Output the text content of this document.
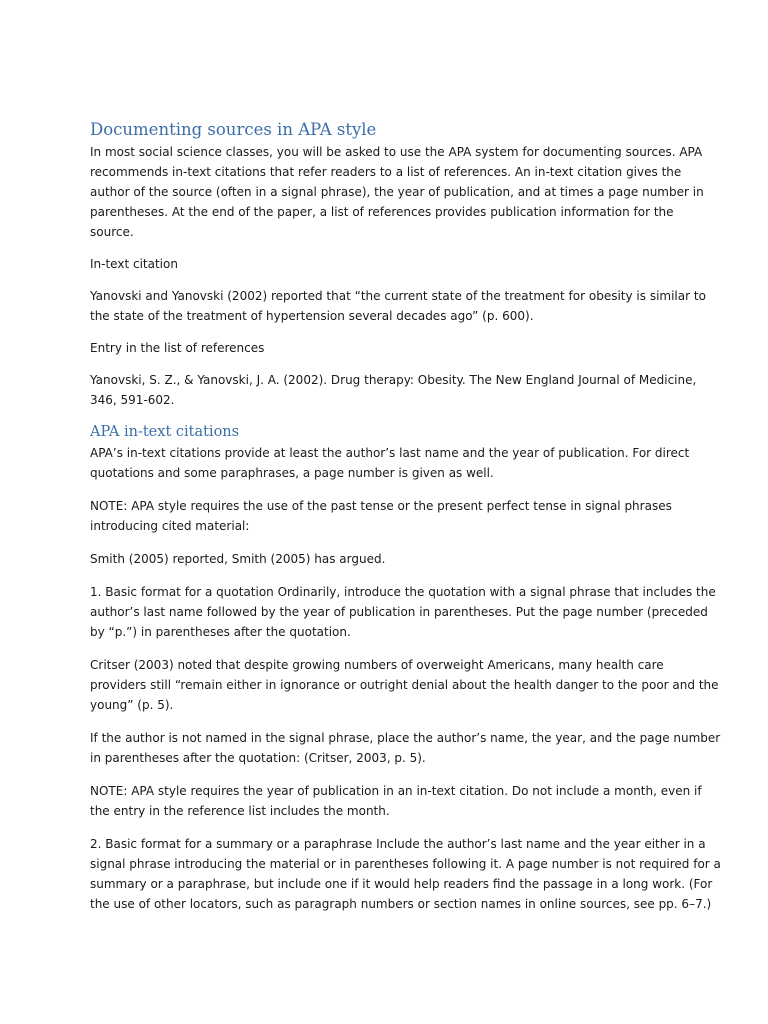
Documenting sources in APA style

In most social science classes, you will be asked to use the APA system for documenting sources. APA
recommends in-text citations that refer readers to a list of references. An in-text citation gives the
author of the source (often in a signal phrase), the year of publication, and at times a page number in
parentheses. At the end of the paper, a list of references provides publication information for the
source.

In-text citation

Yanovski and Yanovski (2002) reported that “the current state of the treatment for obesity is similar to
the state of the treatment of hypertension several decades ago” (p. 600).

Entry in the list of references

Yanovski, S. Z., & Yanovski, J. A. (2002). Drug therapy: Obesity. The New England Journal of Medicine,
346, 591-602.

APA in-text citations

APA’s in-text citations provide at least the author’s last name and the year of publication. For direct
quotations and some paraphrases, a page number is given as well.

NOTE: APA style requires the use of the past tense or the present perfect tense in signal phrases
introducing cited material:

Smith (2005) reported, Smith (2005) has argued.

1. Basic format for a quotation Ordinarily, introduce the quotation with a signal phrase that includes the
author’s last name followed by the year of publication in parentheses. Put the page number (preceded
by “p.”) in parentheses after the quotation.

Critser (2003) noted that despite growing numbers of overweight Americans, many health care
providers still “remain either in ignorance or outright denial about the health danger to the poor and the
young” (p. 5).

If the author is not named in the signal phrase, place the author’s name, the year, and the page number
in parentheses after the quotation: (Critser, 2003, p. 5).

NOTE: APA style requires the year of publication in an in-text citation. Do not include a month, even if
the entry in the reference list includes the month.

2. Basic format for a summary or a paraphrase Include the author’s last name and the year either in a
signal phrase introducing the material or in parentheses following it. A page number is not required for a
summary or a paraphrase, but include one if it would help readers find the passage in a long work. (For
the use of other locators, such as paragraph numbers or section names in online sources, see pp. 6–7.)
